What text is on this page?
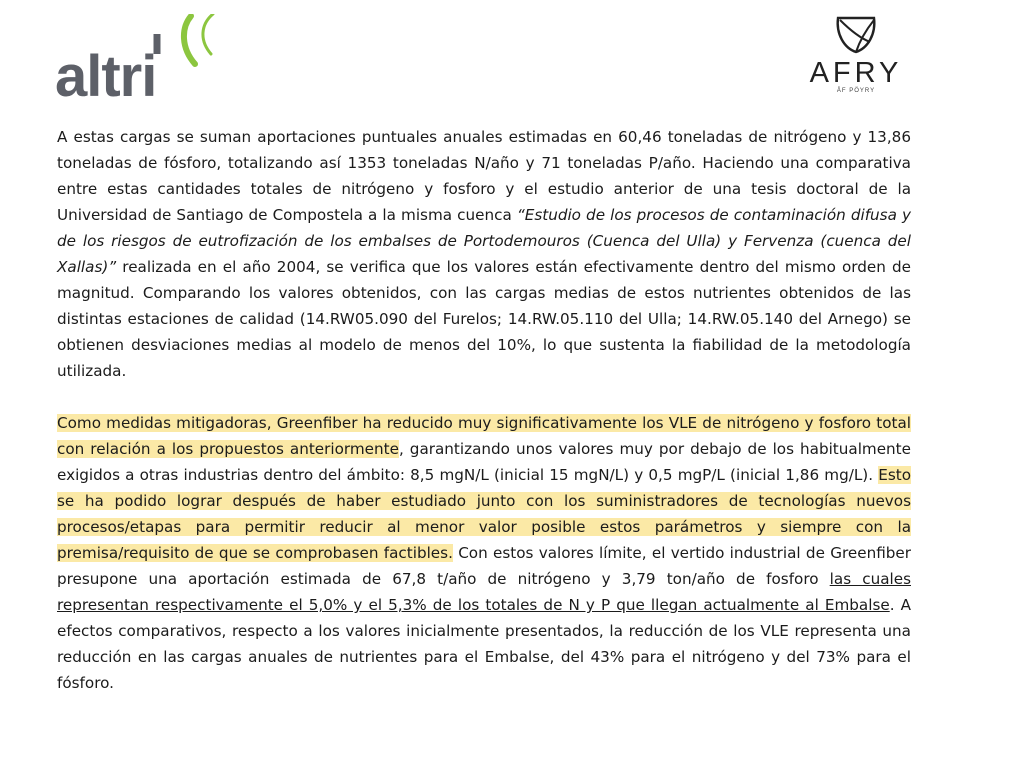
altri	AFRY
ÅF PÖYRY

A estas cargas se suman aportaciones puntuales anuales estimadas en 60,46 toneladas de nitrógeno y 13,86 toneladas de fósforo, totalizando así 1353 toneladas N/año y 71 toneladas P/año. Haciendo una comparativa entre estas cantidades totales de nitrógeno y fosforo y el estudio anterior de una tesis doctoral de la Universidad de Santiago de Compostela a la misma cuenca “Estudio de los procesos de contaminación difusa y de los riesgos de eutrofización de los embalses de Portodemouros (Cuenca del Ulla) y Fervenza (cuenca del Xallas)” realizada en el año 2004, se verifica que los valores están efectivamente dentro del mismo orden de magnitud. Comparando los valores obtenidos, con las cargas medias de estos nutrientes obtenidos de las distintas estaciones de calidad (14.RW05.090 del Furelos; 14.RW.05.110 del Ulla; 14.RW.05.140 del Arnego) se obtienen desviaciones medias al modelo de menos del 10%, lo que sustenta la fiabilidad de la metodología utilizada.

Como medidas mitigadoras, Greenfiber ha reducido muy significativamente los VLE de nitrógeno y fosforo total con relación a los propuestos anteriormente, garantizando unos valores muy por debajo de los habitualmente exigidos a otras industrias dentro del ámbito: 8,5 mgN/L (inicial 15 mgN/L) y 0,5 mgP/L (inicial 1,86 mg/L). Esto se ha podido lograr después de haber estudiado junto con los suministradores de tecnologías nuevos procesos/etapas para permitir reducir al menor valor posible estos parámetros y siempre con la premisa/requisito de que se comprobasen factibles. Con estos valores límite, el vertido industrial de Greenfiber presupone una aportación estimada de 67,8 t/año de nitrógeno y 3,79 ton/año de fosforo las cuales representan respectivamente el 5,0% y el 5,3% de los totales de N y P que llegan actualmente al Embalse. A efectos comparativos, respecto a los valores inicialmente presentados, la reducción de los VLE representa una reducción en las cargas anuales de nutrientes para el Embalse, del 43% para el nitrógeno y del 73% para el fósforo.
